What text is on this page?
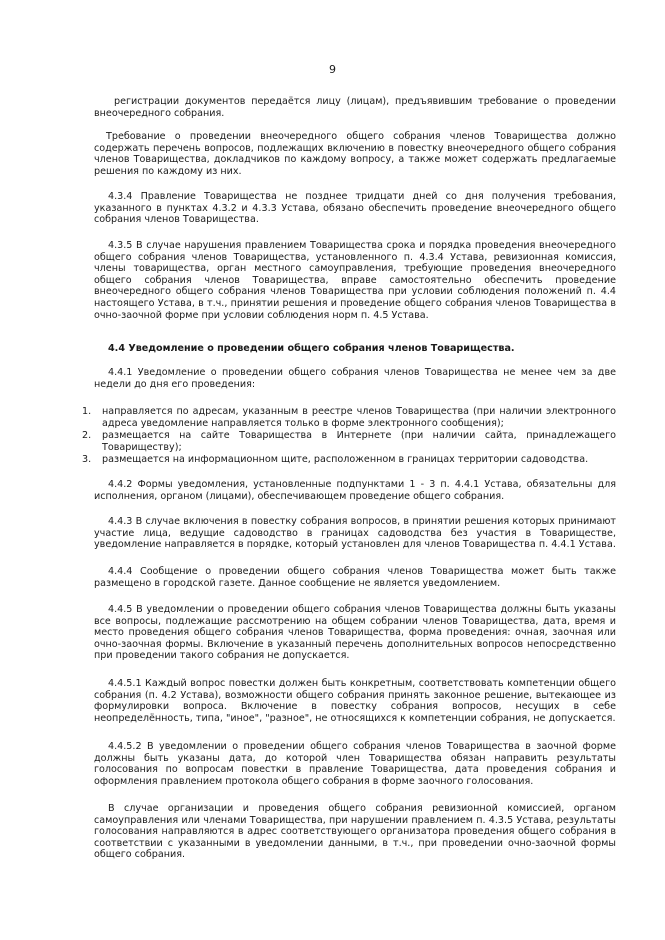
9

регистрации документов передаётся лицу (лицам), предъявившим требование о проведении внеочередного собрания.

Требование о проведении внеочередного общего собрания членов Товарищества должно содержать перечень вопросов, подлежащих включению в повестку внеочередного общего собрания членов Товарищества, докладчиков по каждому вопросу, а также может содержать предлагаемые решения по каждому из них.

4.3.4 Правление Товарищества не позднее тридцати дней со дня получения требования, указанного в пунктах 4.3.2 и 4.3.3 Устава, обязано обеспечить проведение внеочередного общего собрания членов Товарищества.

4.3.5 В случае нарушения правлением Товарищества срока и порядка проведения внеочередного общего собрания членов Товарищества, установленного п. 4.3.4 Устава, ревизионная комиссия, члены товарищества, орган местного самоуправления, требующие проведения внеочередного общего собрания членов Товарищества, вправе самостоятельно обеспечить проведение внеочередного общего собрания членов Товарищества при условии соблюдения положений п. 4.4 настоящего Устава, в т.ч., принятии решения и проведение общего собрания членов Товарищества в очно-заочной форме при условии соблюдения норм п. 4.5 Устава.

4.4 Уведомление о проведении общего собрания членов Товарищества.

4.4.1 Уведомление о проведении общего собрания членов Товарищества не менее чем за две недели до дня его проведения:

1. направляется по адресам, указанным в реестре членов Товарищества (при наличии электронного адреса уведомление направляется только в форме электронного сообщения);
2. размещается на сайте Товарищества в Интернете (при наличии сайта, принадлежащего Товариществу);
3. размещается на информационном щите, расположенном в границах территории садоводства.

4.4.2 Формы уведомления, установленные подпунктами 1 - 3 п. 4.4.1 Устава, обязательны для исполнения, органом (лицами), обеспечивающем проведение общего собрания.

4.4.3 В случае включения в повестку собрания вопросов, в принятии решения которых принимают участие лица, ведущие садоводство в границах садоводства без участия в Товариществе, уведомление направляется в порядке, который установлен для членов Товарищества п. 4.4.1 Устава.

4.4.4 Сообщение о проведении общего собрания членов Товарищества может быть также размещено в городской газете. Данное сообщение не является уведомлением.

4.4.5 В уведомлении о проведении общего собрания членов Товарищества должны быть указаны все вопросы, подлежащие рассмотрению на общем собрании членов Товарищества, дата, время и место проведения общего собрания членов Товарищества, форма проведения: очная, заочная или очно-заочная формы. Включение в указанный перечень дополнительных вопросов непосредственно при проведении такого собрания не допускается.

4.4.5.1 Каждый вопрос повестки должен быть конкретным, соответствовать компетенции общего собрания (п. 4.2 Устава), возможности общего собрания принять законное решение, вытекающее из формулировки вопроса. Включение в повестку собрания вопросов, несущих в себе неопределённость, типа, "иное", "разное", не относящихся к компетенции собрания, не допускается.

4.4.5.2 В уведомлении о проведении общего собрания членов Товарищества в заочной форме должны быть указаны дата, до которой член Товарищества обязан направить результаты голосования по вопросам повестки в правление Товарищества, дата проведения собрания и оформления правлением протокола общего собрания в форме заочного голосования.

В случае организации и проведения общего собрания ревизионной комиссией, органом самоуправления или членами Товарищества, при нарушении правлением п. 4.3.5 Устава, результаты голосования направляются в адрес соответствующего организатора проведения общего собрания в соответствии с указанными в уведомлении данными, в т.ч., при проведении очно-заочной формы общего собрания.
